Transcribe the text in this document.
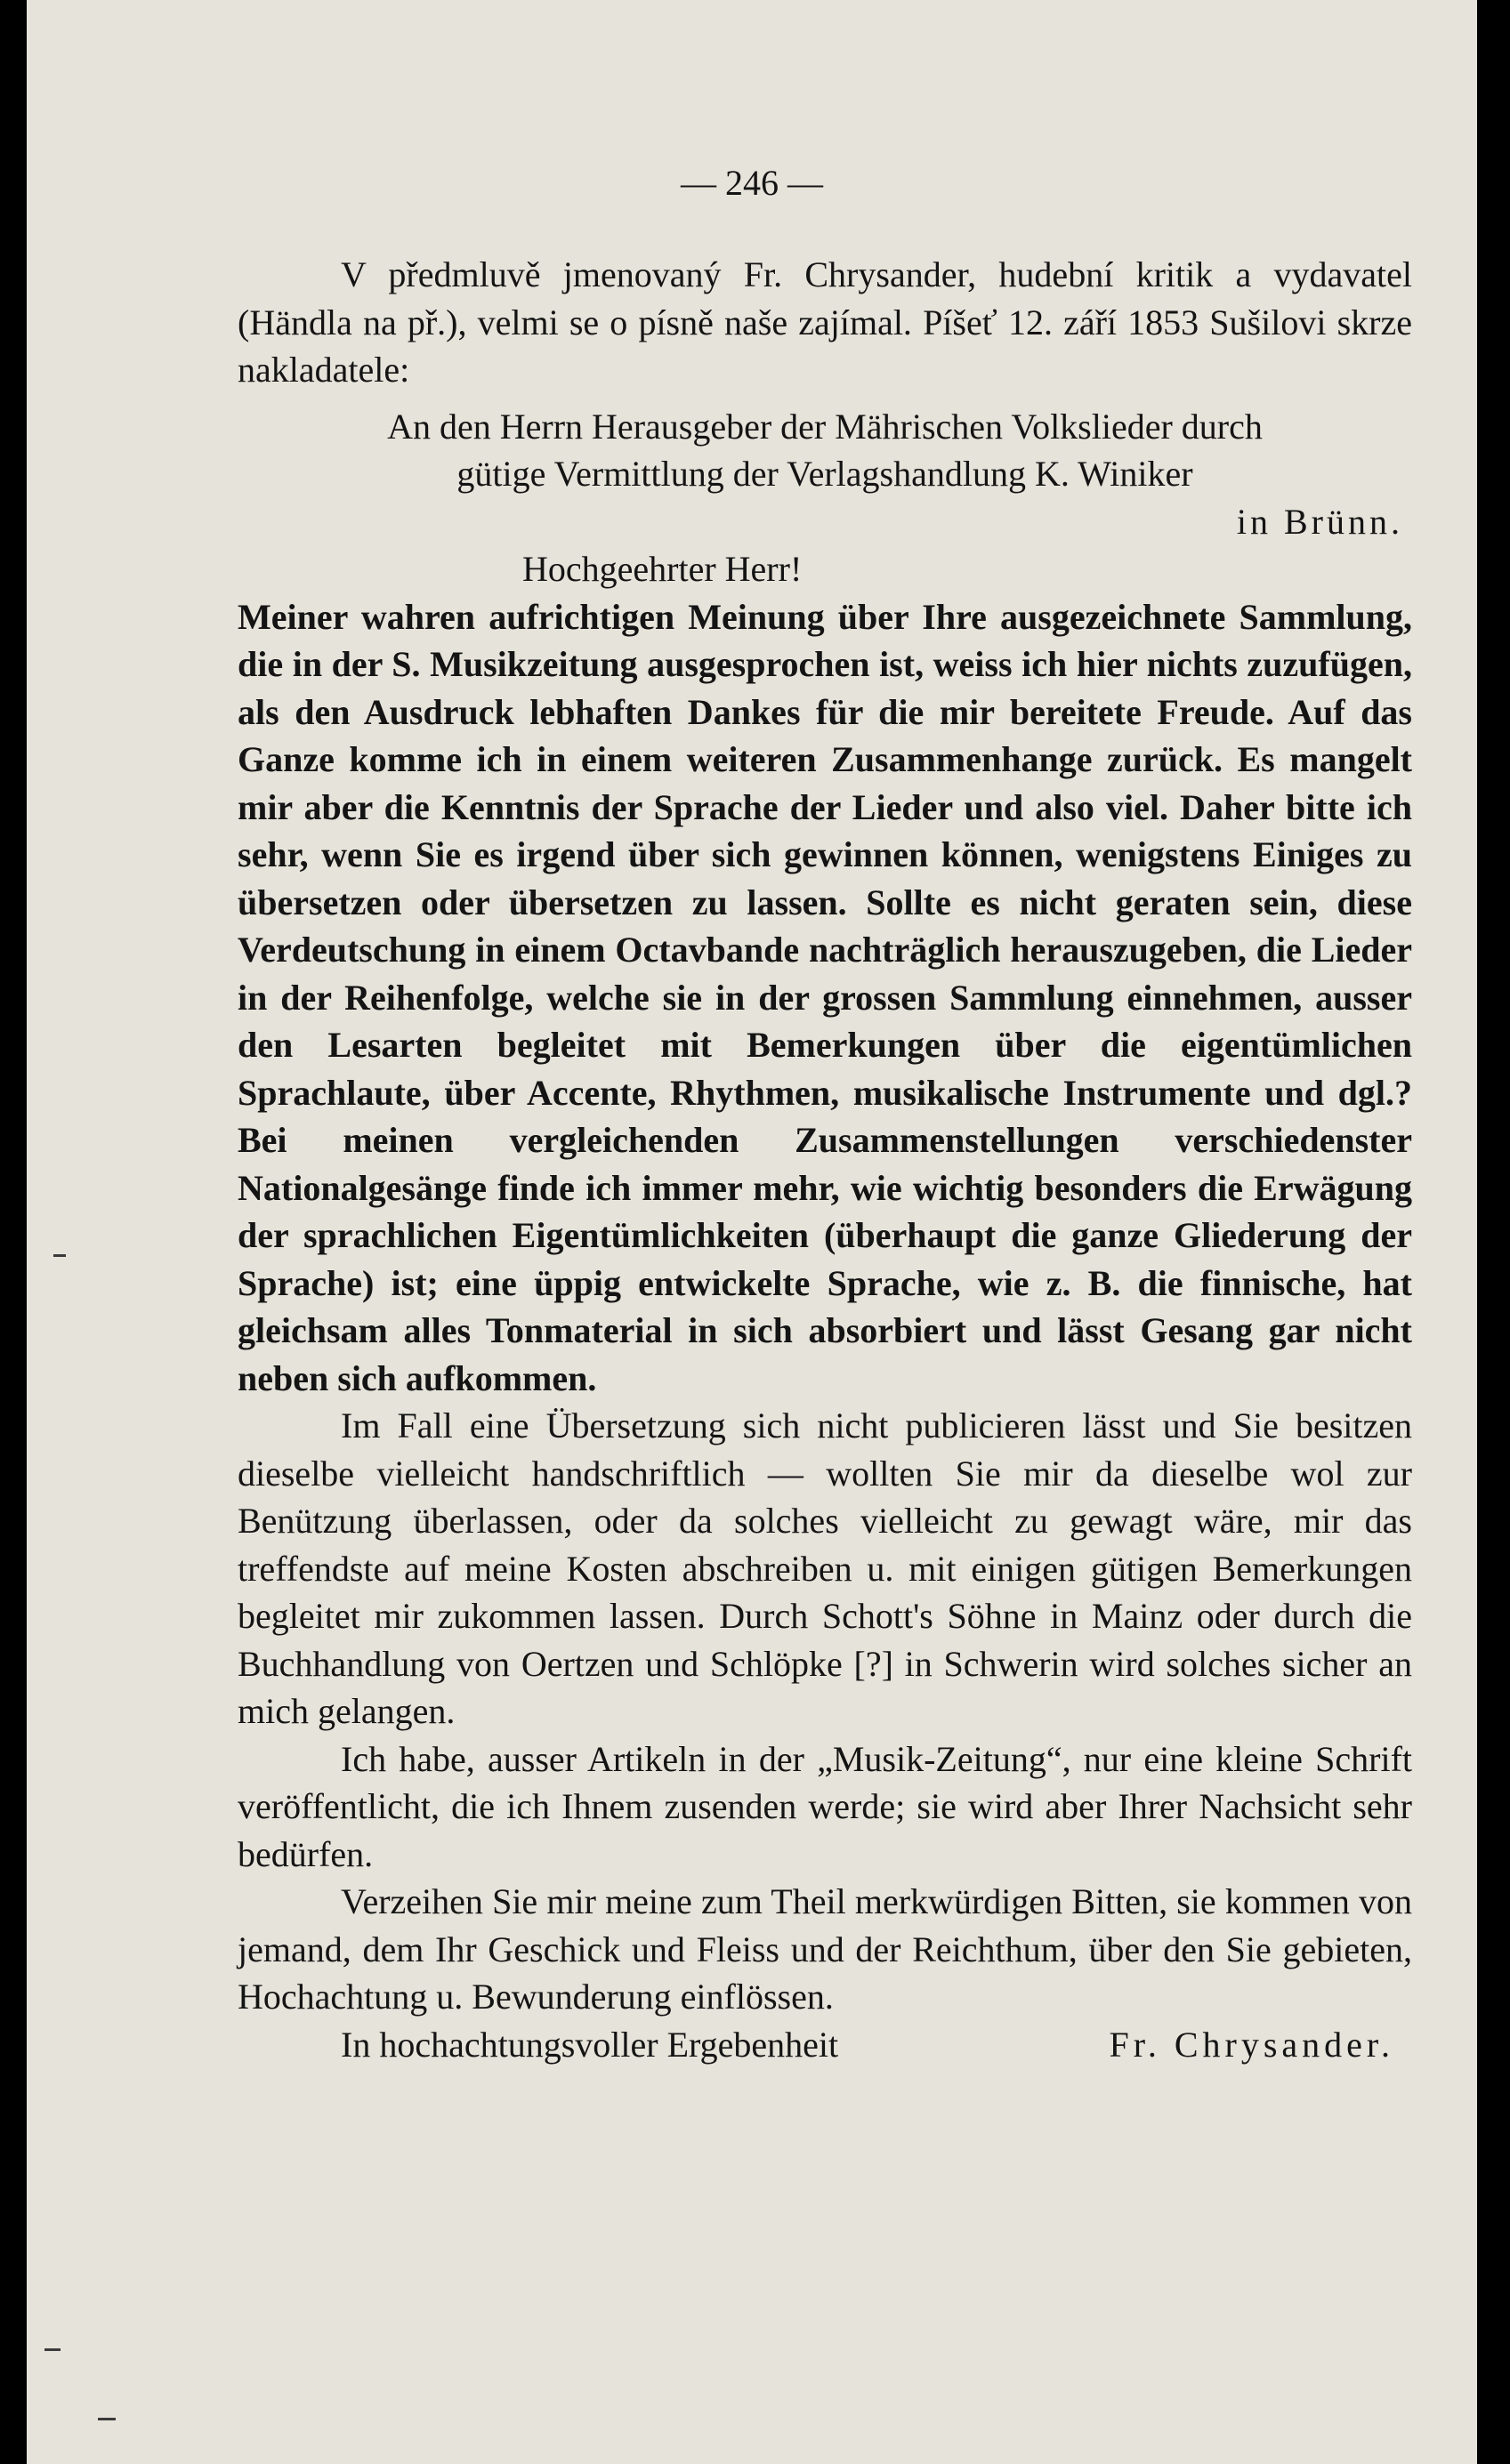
— 246 —

V předmluvě jmenovaný Fr. Chrysander, hudební kritik a vydavatel (Händla na př.), velmi se o písně naše zajímal. Píšeť 12. září 1853 Sušilovi skrze nakladatele:

An den Herrn Herausgeber der Mährischen Volkslieder durch
gütige Vermittlung der Verlagshandlung K. Winiker
in Brünn.
Hochgeehrter Herr!

Meiner wahren aufrichtigen Meinung über Ihre ausgezeichnete Sammlung, die in der S. Musikzeitung ausgesprochen ist, weiss ich hier nichts zuzufügen, als den Ausdruck lebhaften Dankes für die mir bereitete Freude. Auf das Ganze komme ich in einem weiteren Zusammenhange zurück. Es mangelt mir aber die Kenntnis der Sprache der Lieder und also viel. Daher bitte ich sehr, wenn Sie es irgend über sich gewinnen können, wenigstens Einiges zu übersetzen oder übersetzen zu lassen. Sollte es nicht geraten sein, diese Verdeutschung in einem Octavbande nachträglich herauszugeben, die Lieder in der Reihenfolge, welche sie in der grossen Sammlung einnehmen, ausser den Lesarten begleitet mit Bemerkungen über die eigentümlichen Sprachlaute, über Accente, Rhythmen, musikalische Instrumente und dgl.? Bei meinen vergleichenden Zusammenstellungen verschiedenster Nationalgesänge finde ich immer mehr, wie wichtig besonders die Erwägung der sprachlichen Eigentümlichkeiten (überhaupt die ganze Gliederung der Sprache) ist; eine üppig entwickelte Sprache, wie z. B. die finnische, hat gleichsam alles Tonmaterial in sich absorbiert und lässt Gesang gar nicht neben sich aufkommen.

Im Fall eine Übersetzung sich nicht publicieren lässt und Sie besitzen dieselbe vielleicht handschriftlich — wollten Sie mir da dieselbe wol zur Benützung überlassen, oder da solches vielleicht zu gewagt wäre, mir das treffendste auf meine Kosten abschreiben u. mit einigen gütigen Bemerkungen begleitet mir zukommen lassen. Durch Schott's Söhne in Mainz oder durch die Buchhandlung von Oertzen und Schlöpke [?] in Schwerin wird solches sicher an mich gelangen.

Ich habe, ausser Artikeln in der „Musik-Zeitung“, nur eine kleine Schrift veröffentlicht, die ich Ihnem zusenden werde; sie wird aber Ihrer Nachsicht sehr bedürfen.

Verzeihen Sie mir meine zum Theil merkwürdigen Bitten, sie kommen von jemand, dem Ihr Geschick und Fleiss und der Reichthum, über den Sie gebieten, Hochachtung u. Bewunderung einflössen.

In hochachtungsvoller Ergebenheit	Fr. Chrysander.
